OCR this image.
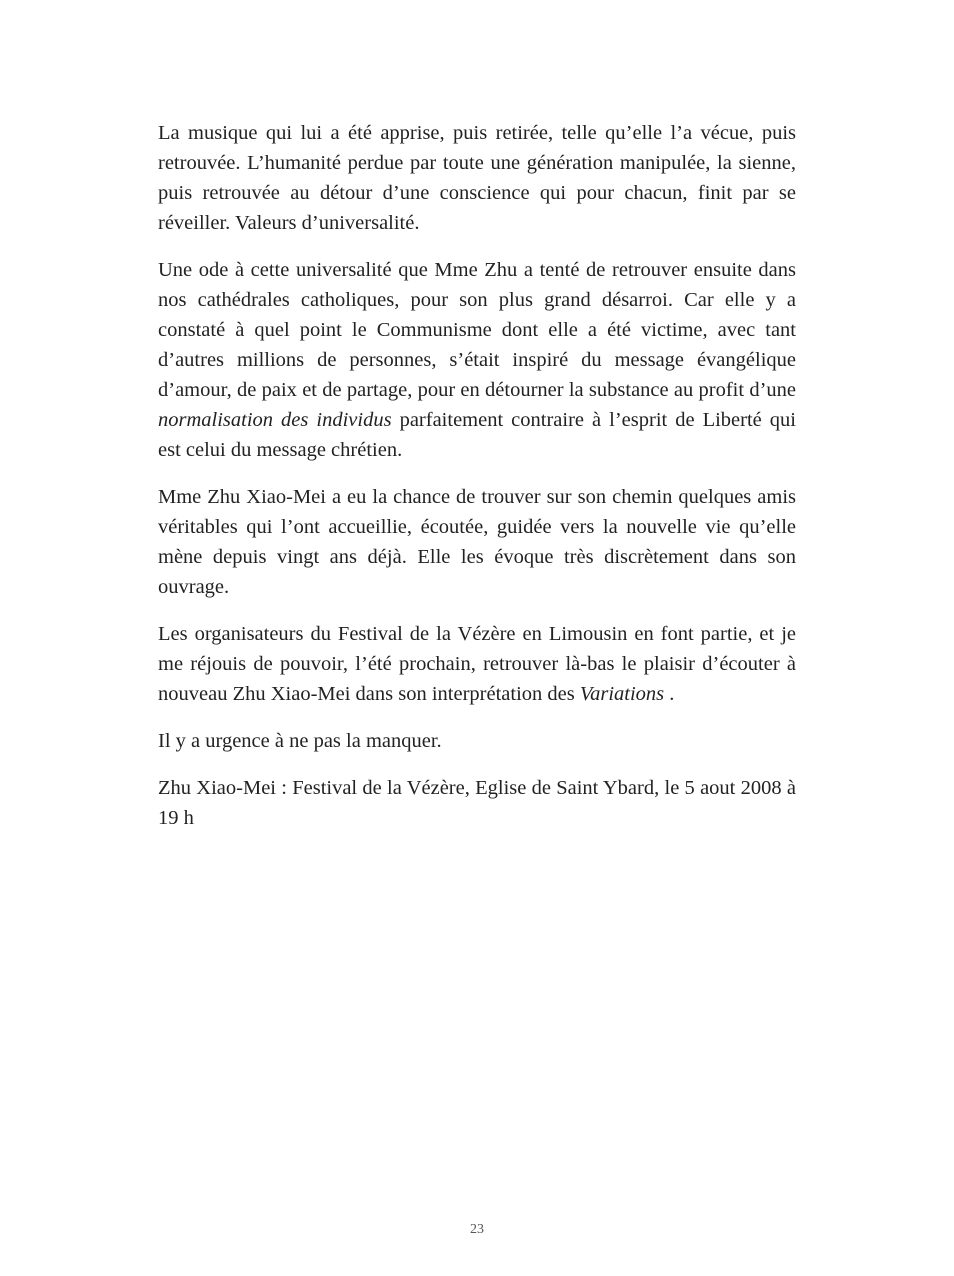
La musique qui lui a été apprise, puis retirée, telle qu’elle l’a vécue, puis retrouvée. L’humanité perdue par toute une génération manipulée, la sienne, puis retrouvée au détour d’une conscience qui pour chacun, finit par se réveiller. Valeurs d’universalité.

Une ode à cette universalité que Mme Zhu a tenté de retrouver ensuite dans nos cathédrales catholiques, pour son plus grand désarroi. Car elle y a constaté à quel point le Communisme dont elle a été victime, avec tant d’autres millions de personnes, s’était inspiré du message évangélique d’amour, de paix et de partage, pour en détourner la substance au profit d’une normalisation des individus parfaitement contraire à l’esprit de Liberté qui est celui du message chrétien.

Mme Zhu Xiao-Mei a eu la chance de trouver sur son chemin quelques amis véritables qui l’ont accueillie, écoutée, guidée vers la nouvelle vie qu’elle mène depuis vingt ans déjà. Elle les évoque très discrètement dans son ouvrage.

Les organisateurs du Festival de la Vézère en Limousin en font partie, et je me réjouis de pouvoir, l’été prochain, retrouver là-bas le plaisir d’écouter à nouveau Zhu Xiao-Mei dans son interprétation des Variations .

Il y a urgence à ne pas la manquer.

Zhu Xiao-Mei : Festival de la Vézère, Eglise de Saint Ybard, le 5 aout 2008 à 19 h

23
